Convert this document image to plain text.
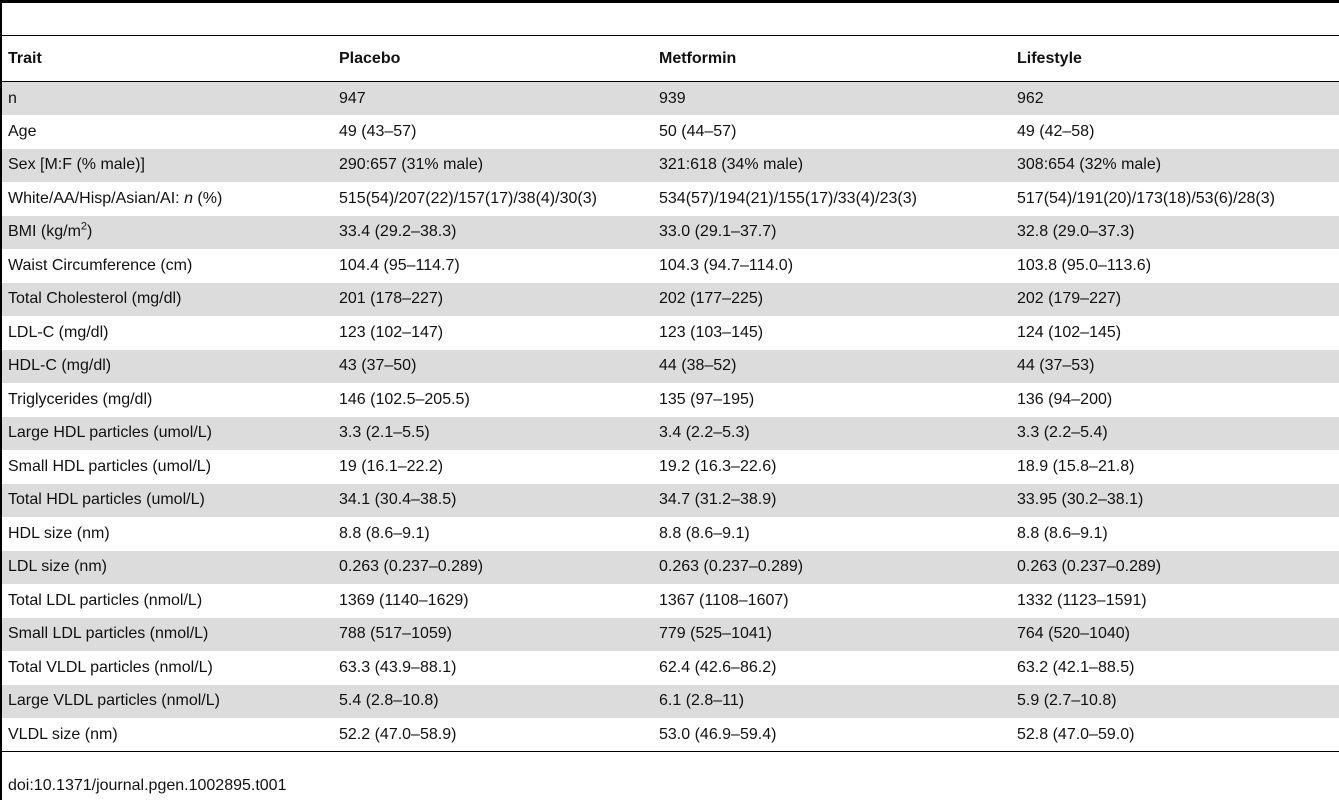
Trait	Placebo	Metformin	Lifestyle
n	947	939	962
Age	49 (43–57)	50 (44–57)	49 (42–58)
Sex [M:F (% male)]	290:657 (31% male)	321:618 (34% male)	308:654 (32% male)
White/AA/Hisp/Asian/AI: n (%)	515(54)/207(22)/157(17)/38(4)/30(3)	534(57)/194(21)/155(17)/33(4)/23(3)	517(54)/191(20)/173(18)/53(6)/28(3)
BMI $(kg/m^2)$	33.4 (29.2–38.3)	33.0 (29.1–37.7)	32.8 (29.0–37.3)
Waist Circumference (cm)	104.4 (95–114.7)	104.3 (94.7–114.0)	103.8 (95.0–113.6)
Total Cholesterol (mg/dl)	201 (178–227)	202 (177–225)	202 (179–227)
LDL-C (mg/dl)	123 (102–147)	123 (103–145)	124 (102–145)
HDL-C (mg/dl)	43 (37–50)	44 (38–52)	44 (37–53)
Triglycerides (mg/dl)	146 (102.5–205.5)	135 (97–195)	136 (94–200)
Large HDL particles (umol/L)	3.3 (2.1–5.5)	3.4 (2.2–5.3)	3.3 (2.2–5.4)
Small HDL particles (umol/L)	19 (16.1–22.2)	19.2 (16.3–22.6)	18.9 (15.8–21.8)
Total HDL particles (umol/L)	34.1 (30.4–38.5)	34.7 (31.2–38.9)	33.95 (30.2–38.1)
HDL size (nm)	8.8 (8.6–9.1)	8.8 (8.6–9.1)	8.8 (8.6–9.1)
LDL size (nm)	0.263 (0.237–0.289)	0.263 (0.237–0.289)	0.263 (0.237–0.289)
Total LDL particles (nmol/L)	1369 (1140–1629)	1367 (1108–1607)	1332 (1123–1591)
Small LDL particles (nmol/L)	788 (517–1059)	779 (525–1041)	764 (520–1040)
Total VLDL particles (nmol/L)	63.3 (43.9–88.1)	62.4 (42.6–86.2)	63.2 (42.1–88.5)
Large VLDL particles (nmol/L)	5.4 (2.8–10.8)	6.1 (2.8–11)	5.9 (2.7–10.8)
VLDL size (nm)	52.2 (47.0–58.9)	53.0 (46.9–59.4)	52.8 (47.0–59.0)
doi:10.1371/journal.pgen.1002895.t001
